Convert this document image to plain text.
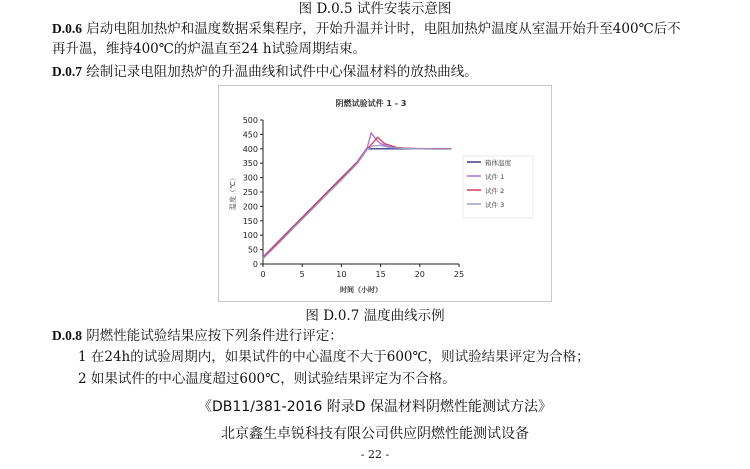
图 D.0.5 试件安装示意图
D.0.6 启动电阻加热炉和温度数据采集程序，开始升温并计时，电阻加热炉温度从室温开始升至400℃后不
再升温，维持400℃的炉温直至24 h试验周期结束。
D.0.7 绘制记录电阻加热炉的升温曲线和试件中心保温材料的放热曲线。
阴燃试验试件 1 - 3
0
50
100
150
200
250
300
350
400
450
500
0	5	10	15	20	25
时间（小时）
温度（℃）
箱体温度
试件 1
试件 2
试件 3
图 D.0.7 温度曲线示例
D.0.8 阴燃性能试验结果应按下列条件进行评定：
1 在24h的试验周期内，如果试件的中心温度不大于600℃，则试验结果评定为合格；
2 如果试件的中心温度超过600℃，则试验结果评定为不合格。
《DB11/381-2016 附录D 保温材料阴燃性能测试方法》
北京鑫生卓锐科技有限公司供应阴燃性能测试设备
- 22 -
